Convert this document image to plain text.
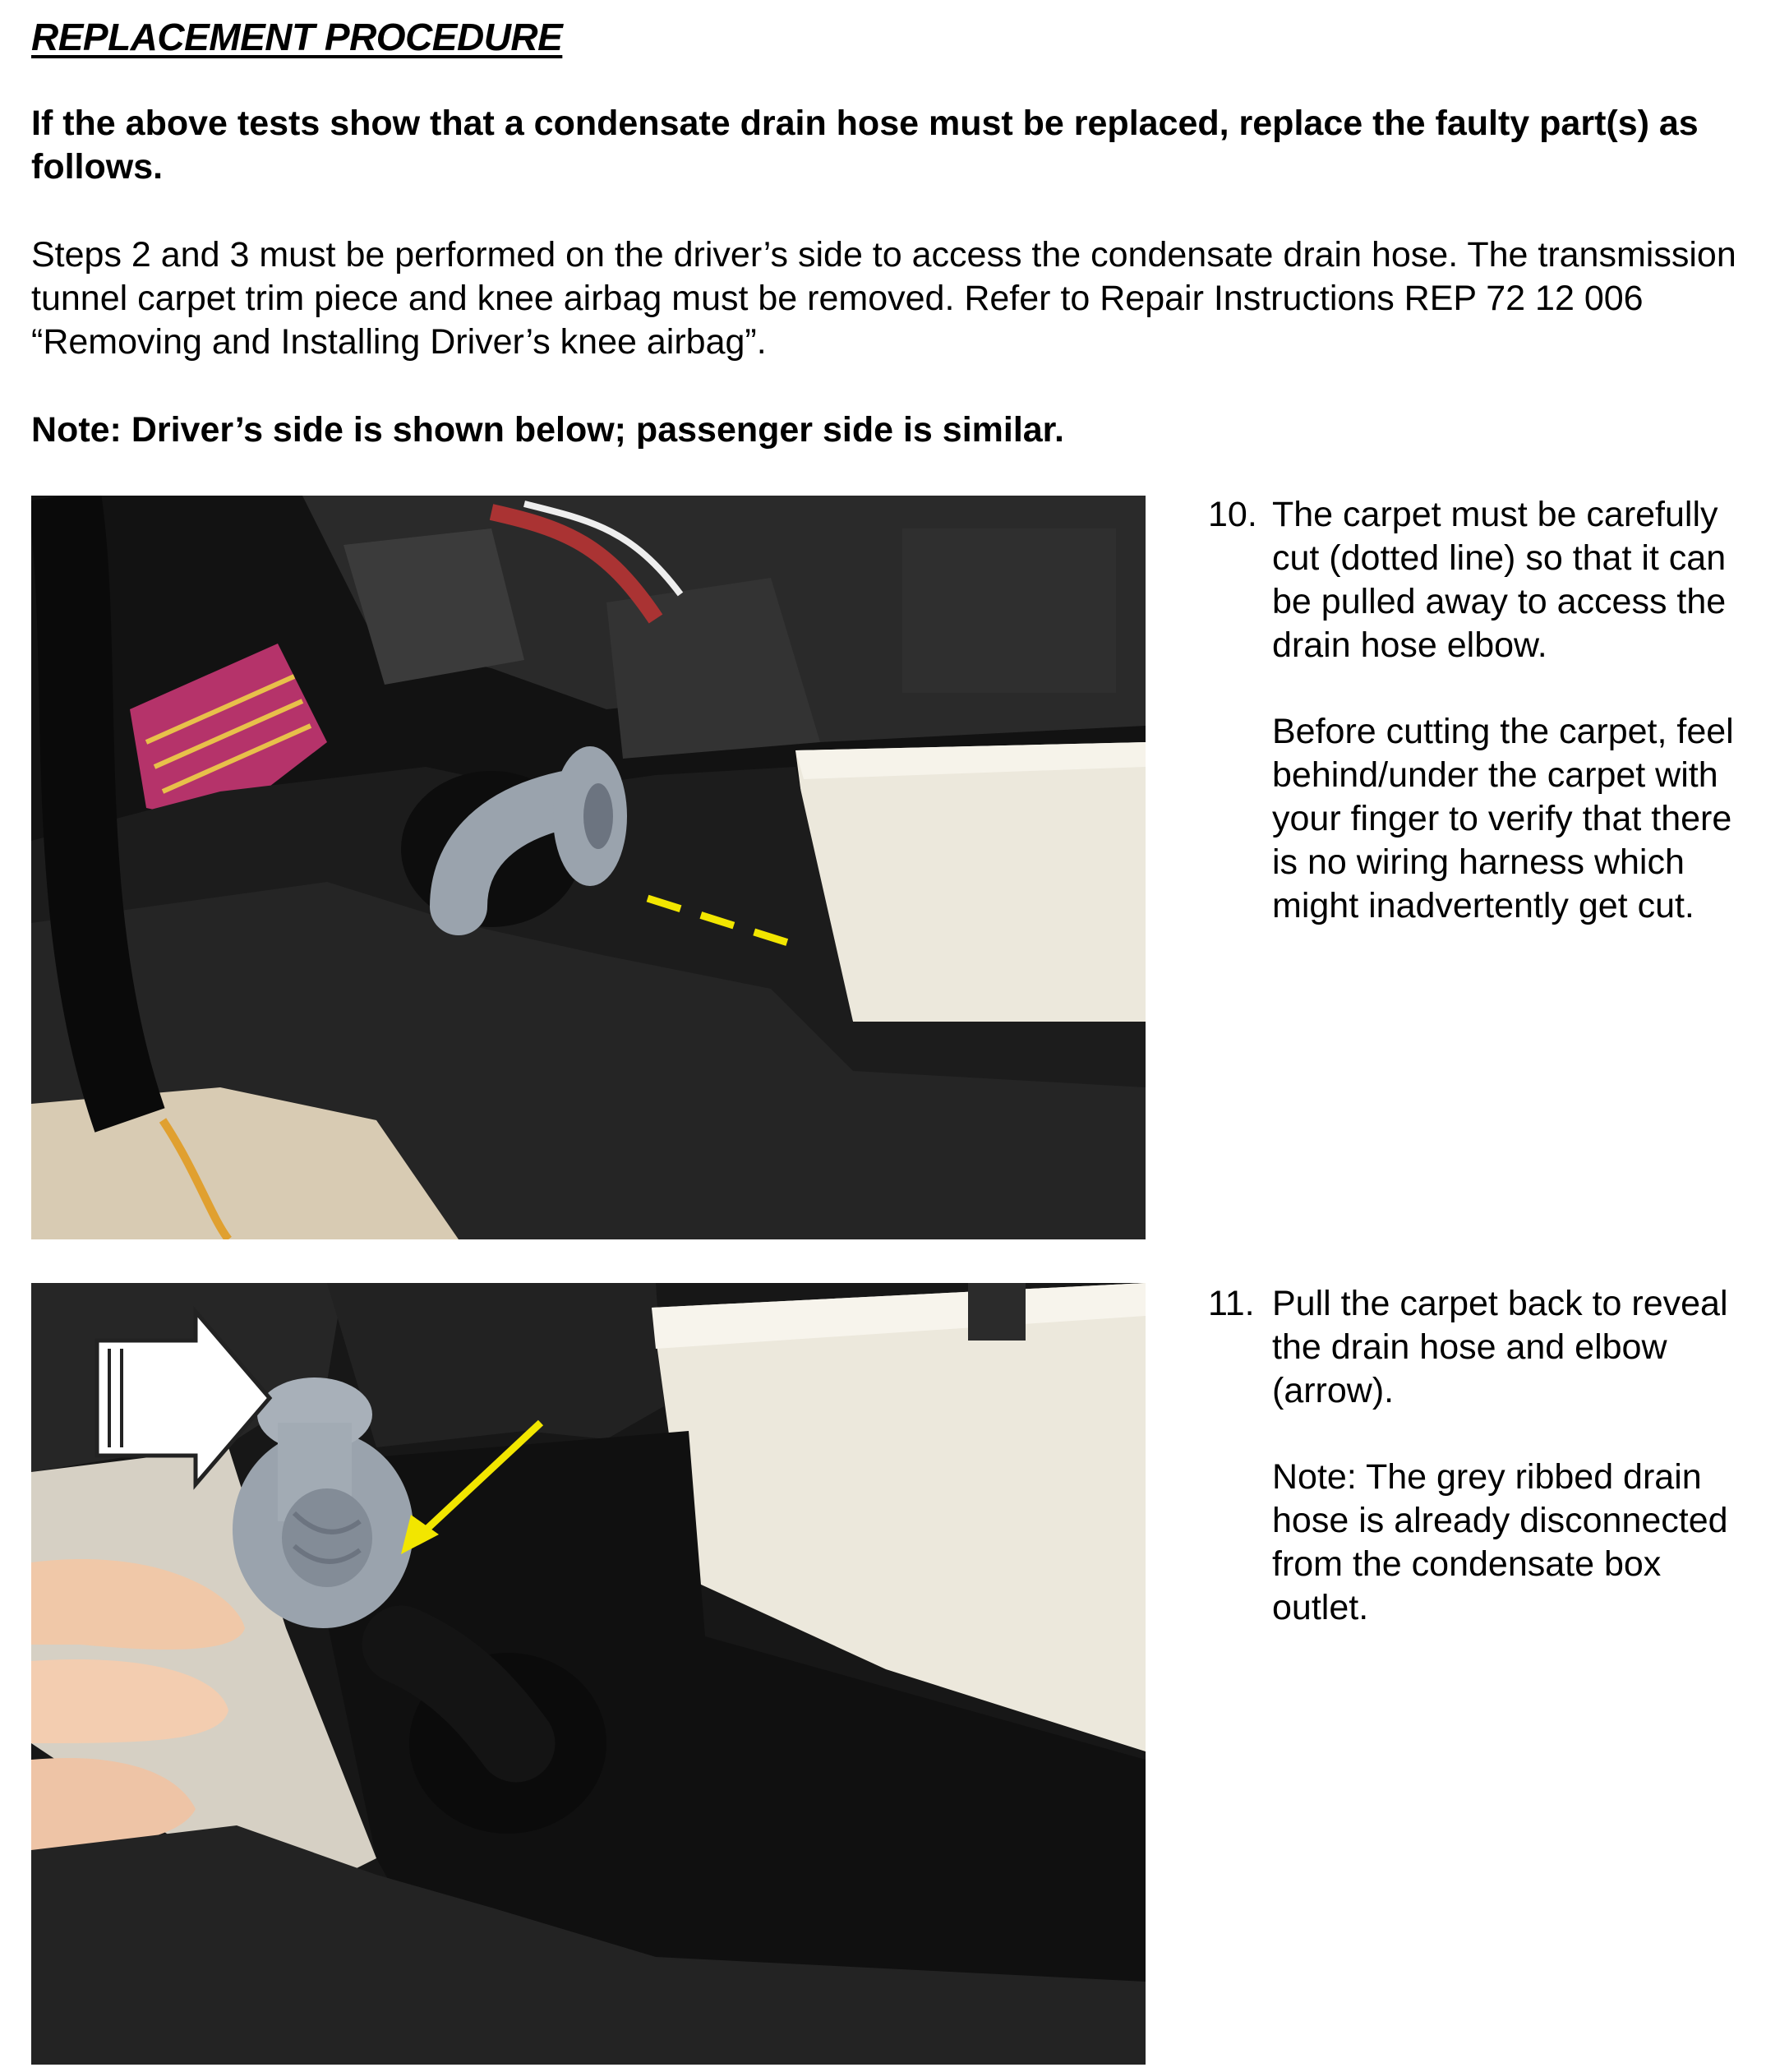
REPLACEMENT PROCEDURE
If the above tests show that a condensate drain hose must be replaced, replace the faulty part(s) as follows.
Steps 2 and 3 must be performed on the driver’s side to access the condensate drain hose. The transmission tunnel carpet trim piece and knee airbag must be removed. Refer to Repair Instructions REP 72 12 006 “Removing and Installing Driver’s knee airbag”.
Note: Driver’s side is shown below; passenger side is similar.
10. The carpet must be carefully cut (dotted line) so that it can be pulled away to access the drain hose elbow.

Before cutting the carpet, feel behind/under the carpet with your finger to verify that there is no wiring harness which might inadvertently get cut.

11. Pull the carpet back to reveal the drain hose and elbow (arrow).

Note: The grey ribbed drain hose is already disconnected from the condensate box outlet.
